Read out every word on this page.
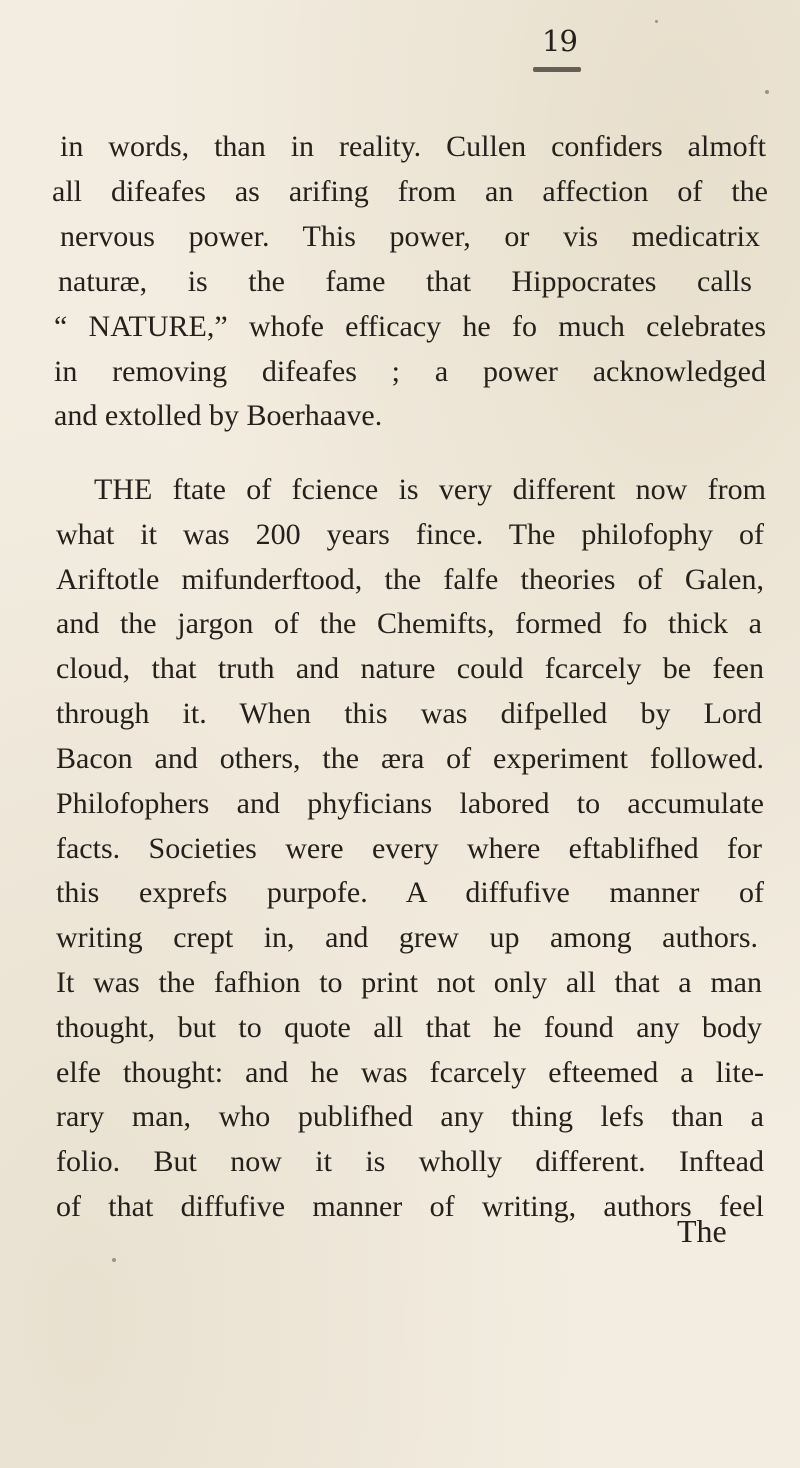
19
in words, than in reality. Cullen confiders almoft
all difeafes as arifing from an affection of the
nervous power. This power, or vis medicatrix
naturæ, is the fame that Hippocrates calls
“ NATURE,” whofe efficacy he fo much celebrates
in removing difeafes ; a power acknowledged
and extolled by Boerhaave.
THE ftate of fcience is very different now from
what it was 200 years fince. The philofophy of
Ariftotle mifunderftood, the falfe theories of Galen,
and the jargon of the Chemifts, formed fo thick a
cloud, that truth and nature could fcarcely be feen
through it. When this was difpelled by Lord
Bacon and others, the æra of experiment followed.
Philofophers and phyficians labored to accumulate
facts. Societies were every where eftablifhed for
this exprefs purpofe. A diffufive manner of
writing crept in, and grew up among authors.
It was the fafhion to print not only all that a man
thought, but to quote all that he found any body
elfe thought: and he was fcarcely efteemed a lite-
rary man, who publifhed any thing lefs than a
folio. But now it is wholly different. Inftead
of that diffufive manner of writing, authors feel
The
